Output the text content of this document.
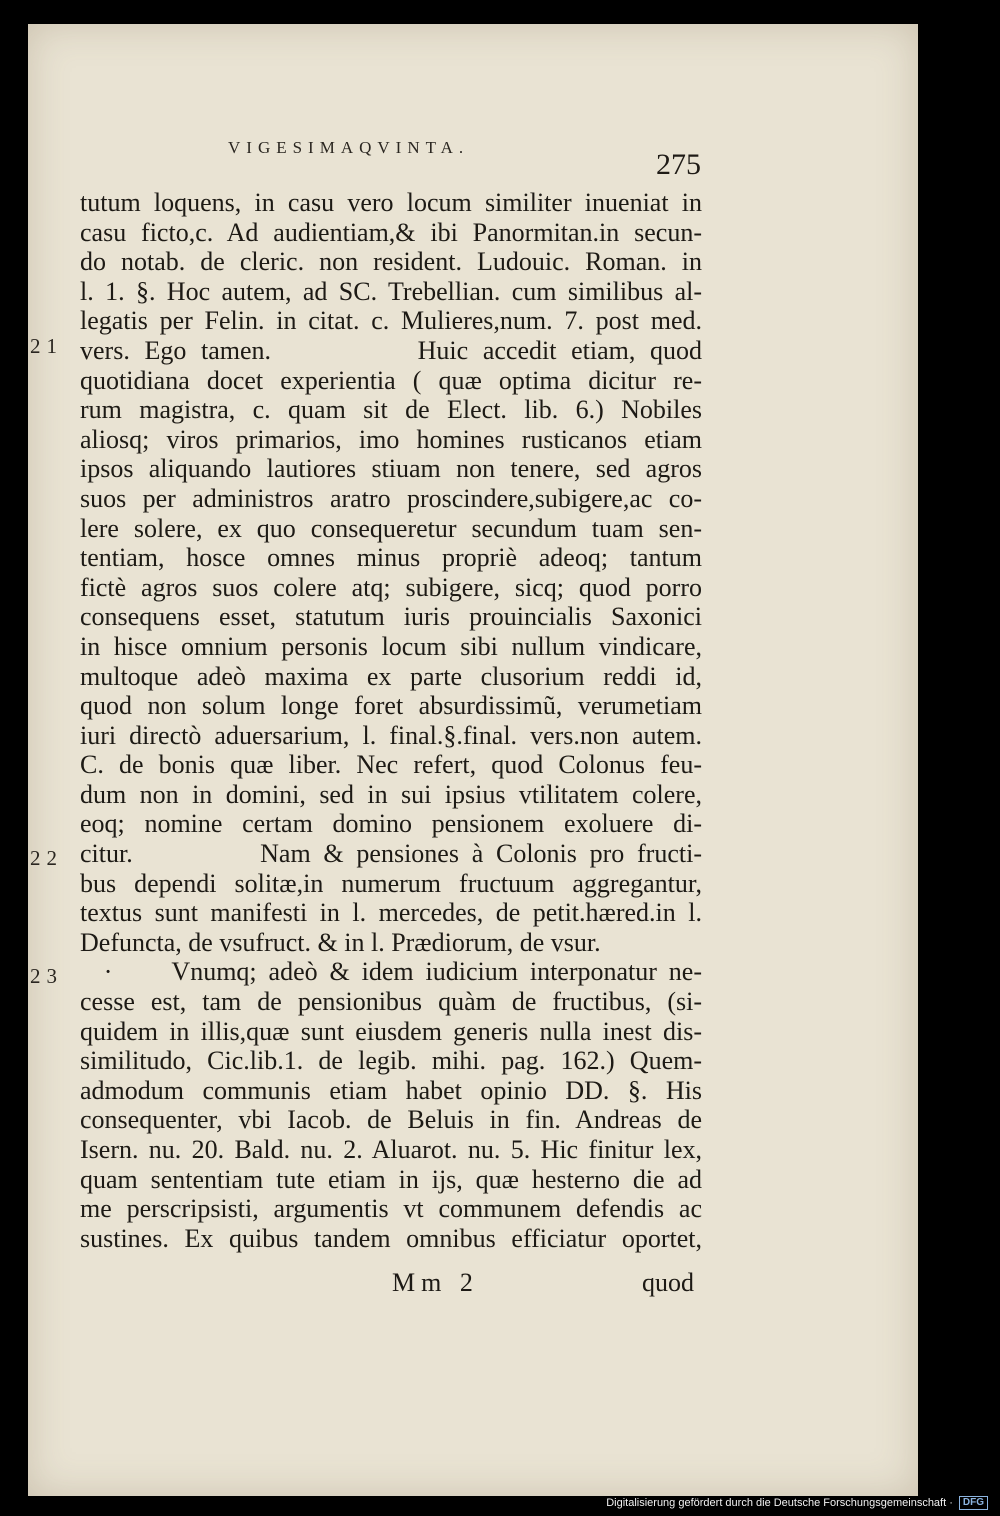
VIGESIMAQVINTA.
275
21
22
23
tutum loquens, in casu vero locum similiter inueniat in
casu ficto,c. Ad audientiam,& ibi Panormitan.in secun-
do notab. de cleric. non resident. Ludouic. Roman. in
l. 1. §. Hoc autem, ad SC. Trebellian. cum similibus al-
legatis per Felin. in citat. c. Mulieres,num. 7. post med.
vers. Ego tamen.          Huic accedit etiam, quod
quotidiana docet experientia ( quæ optima dicitur re-
rum magistra, c. quam sit de Elect. lib. 6.) Nobiles
aliosq; viros primarios, imo homines rusticanos etiam
ipsos aliquando lautiores stiuam non tenere, sed agros
suos per administros aratro proscindere,subigere,ac co-
lere solere, ex quo consequeretur secundum tuam sen-
tentiam, hosce omnes minus propriè adeoq; tantum
fictè agros suos colere atq; subigere, sicq; quod porro
consequens esset, statutum iuris prouincialis Saxonici
in hisce omnium personis locum sibi nullum vindicare,
multoque adeò maxima ex parte clusorium reddi id,
quod non solum longe foret absurdissimũ, verumetiam
iuri directò aduersarium, l. final.§.final. vers.non autem.
C. de bonis quæ liber. Nec refert, quod Colonus feu-
dum non in domini, sed in sui ipsius vtilitatem colere,
eoq; nomine certam domino pensionem exoluere di-
citur.          Nam & pensiones à Colonis pro fructi-
bus dependi solitæ,in numerum fructuum aggregantur,
textus sunt manifesti in l. mercedes, de petit.hæred.in l.
Defuncta, de vsufruct. & in l. Prædiorum, de vsur.
·     Vnumq; adeò & idem iudicium interponatur ne-
cesse est, tam de pensionibus quàm de fructibus, (si-
quidem in illis,quæ sunt eiusdem generis nulla inest dis-
similitudo, Cic.lib.1. de legib. mihi. pag. 162.) Quem-
admodum communis etiam habet opinio DD. §. His
consequenter, vbi Iacob. de Beluis in fin. Andreas de
Isern. nu. 20. Bald. nu. 2. Aluarot. nu. 5. Hic finitur lex,
quam sententiam tute etiam in ijs, quæ hesterno die ad
me perscripsisti, argumentis vt communem defendis ac
sustines. Ex quibus tandem omnibus efficiatur oportet,
Mm 2	quod
Digitalisierung gefördert durch die Deutsche Forschungsgemeinschaft ·	DFG
